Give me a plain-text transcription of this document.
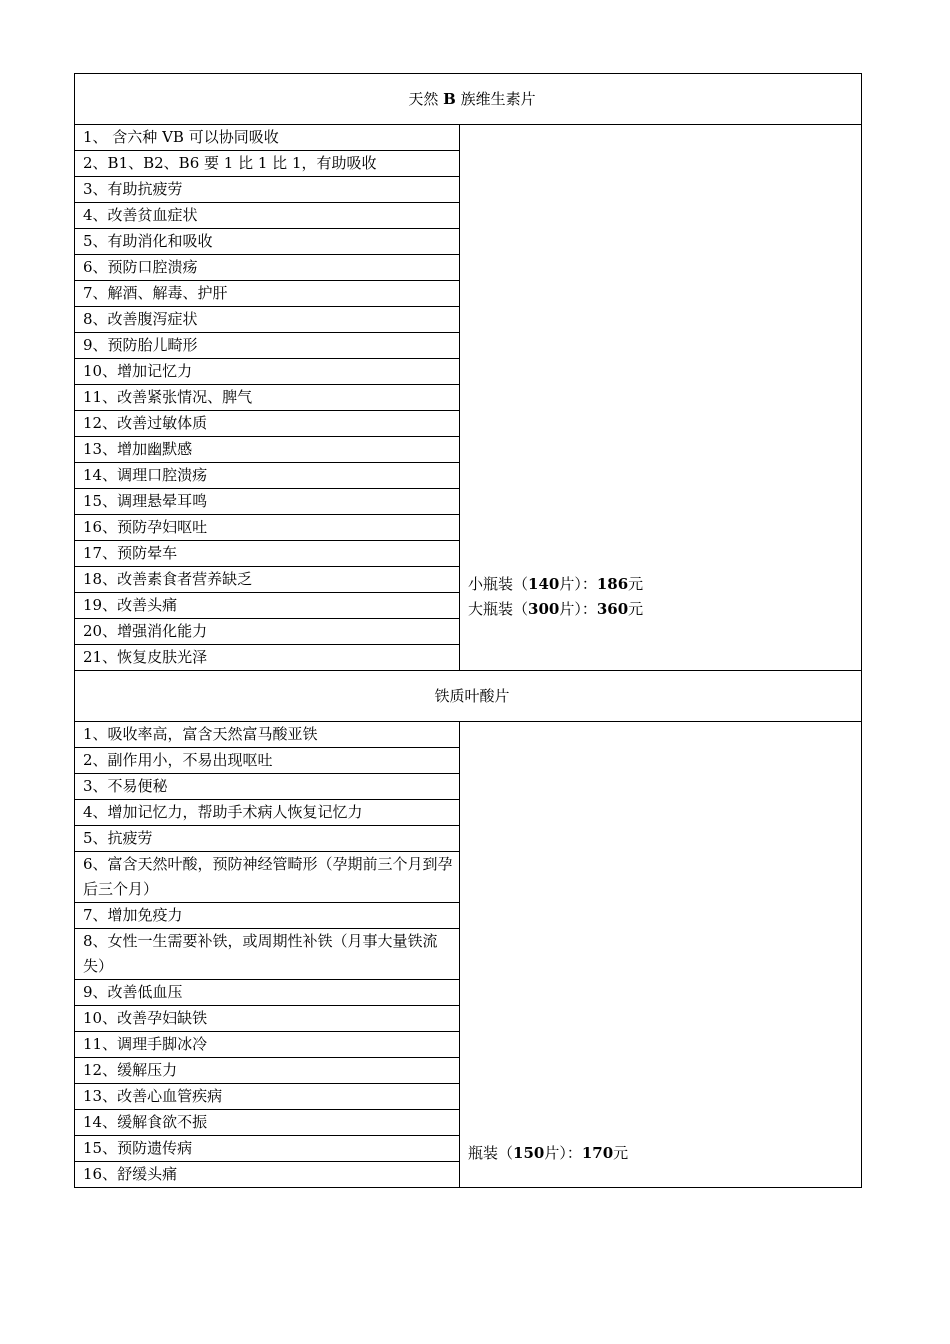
天然 B 族维生素片	
1、 含六种 VB 可以协同吸收	小瓶装（140片）：186元
大瓶装（300片）：360元

2、B1、B2、B6 要 1 比 1 比 1，有助吸收	
3、有助抗疲劳	
4、改善贫血症状	
5、有助消化和吸收	
6、预防口腔溃疡	
7、解酒、解毒、护肝	
8、改善腹泻症状	
9、预防胎儿畸形	
10、增加记忆力	
11、改善紧张情况、脾气	
12、改善过敏体质	
13、增加幽默感	
14、调理口腔溃疡	
15、调理悬晕耳鸣	
16、预防孕妇呕吐	
17、预防晕车	
18、改善素食者营养缺乏	
19、改善头痛	
20、增强消化能力	
21、恢复皮肤光泽	
铁质叶酸片	
1、吸收率高，富含天然富马酸亚铁	瓶装（150片）：170元

2、副作用小，不易出现呕吐	
3、不易便秘	
4、增加记忆力，帮助手术病人恢复记忆力	
5、抗疲劳	
6、富含天然叶酸，预防神经管畸形（孕期前三个月到孕后三个月）	
7、增加免疫力	
8、女性一生需要补铁，或周期性补铁（月事大量铁流失）	
9、改善低血压	
10、改善孕妇缺铁	
11、调理手脚冰冷	
12、缓解压力	
13、改善心血管疾病	
14、缓解食欲不振	
15、预防遗传病	
16、舒缓头痛	
